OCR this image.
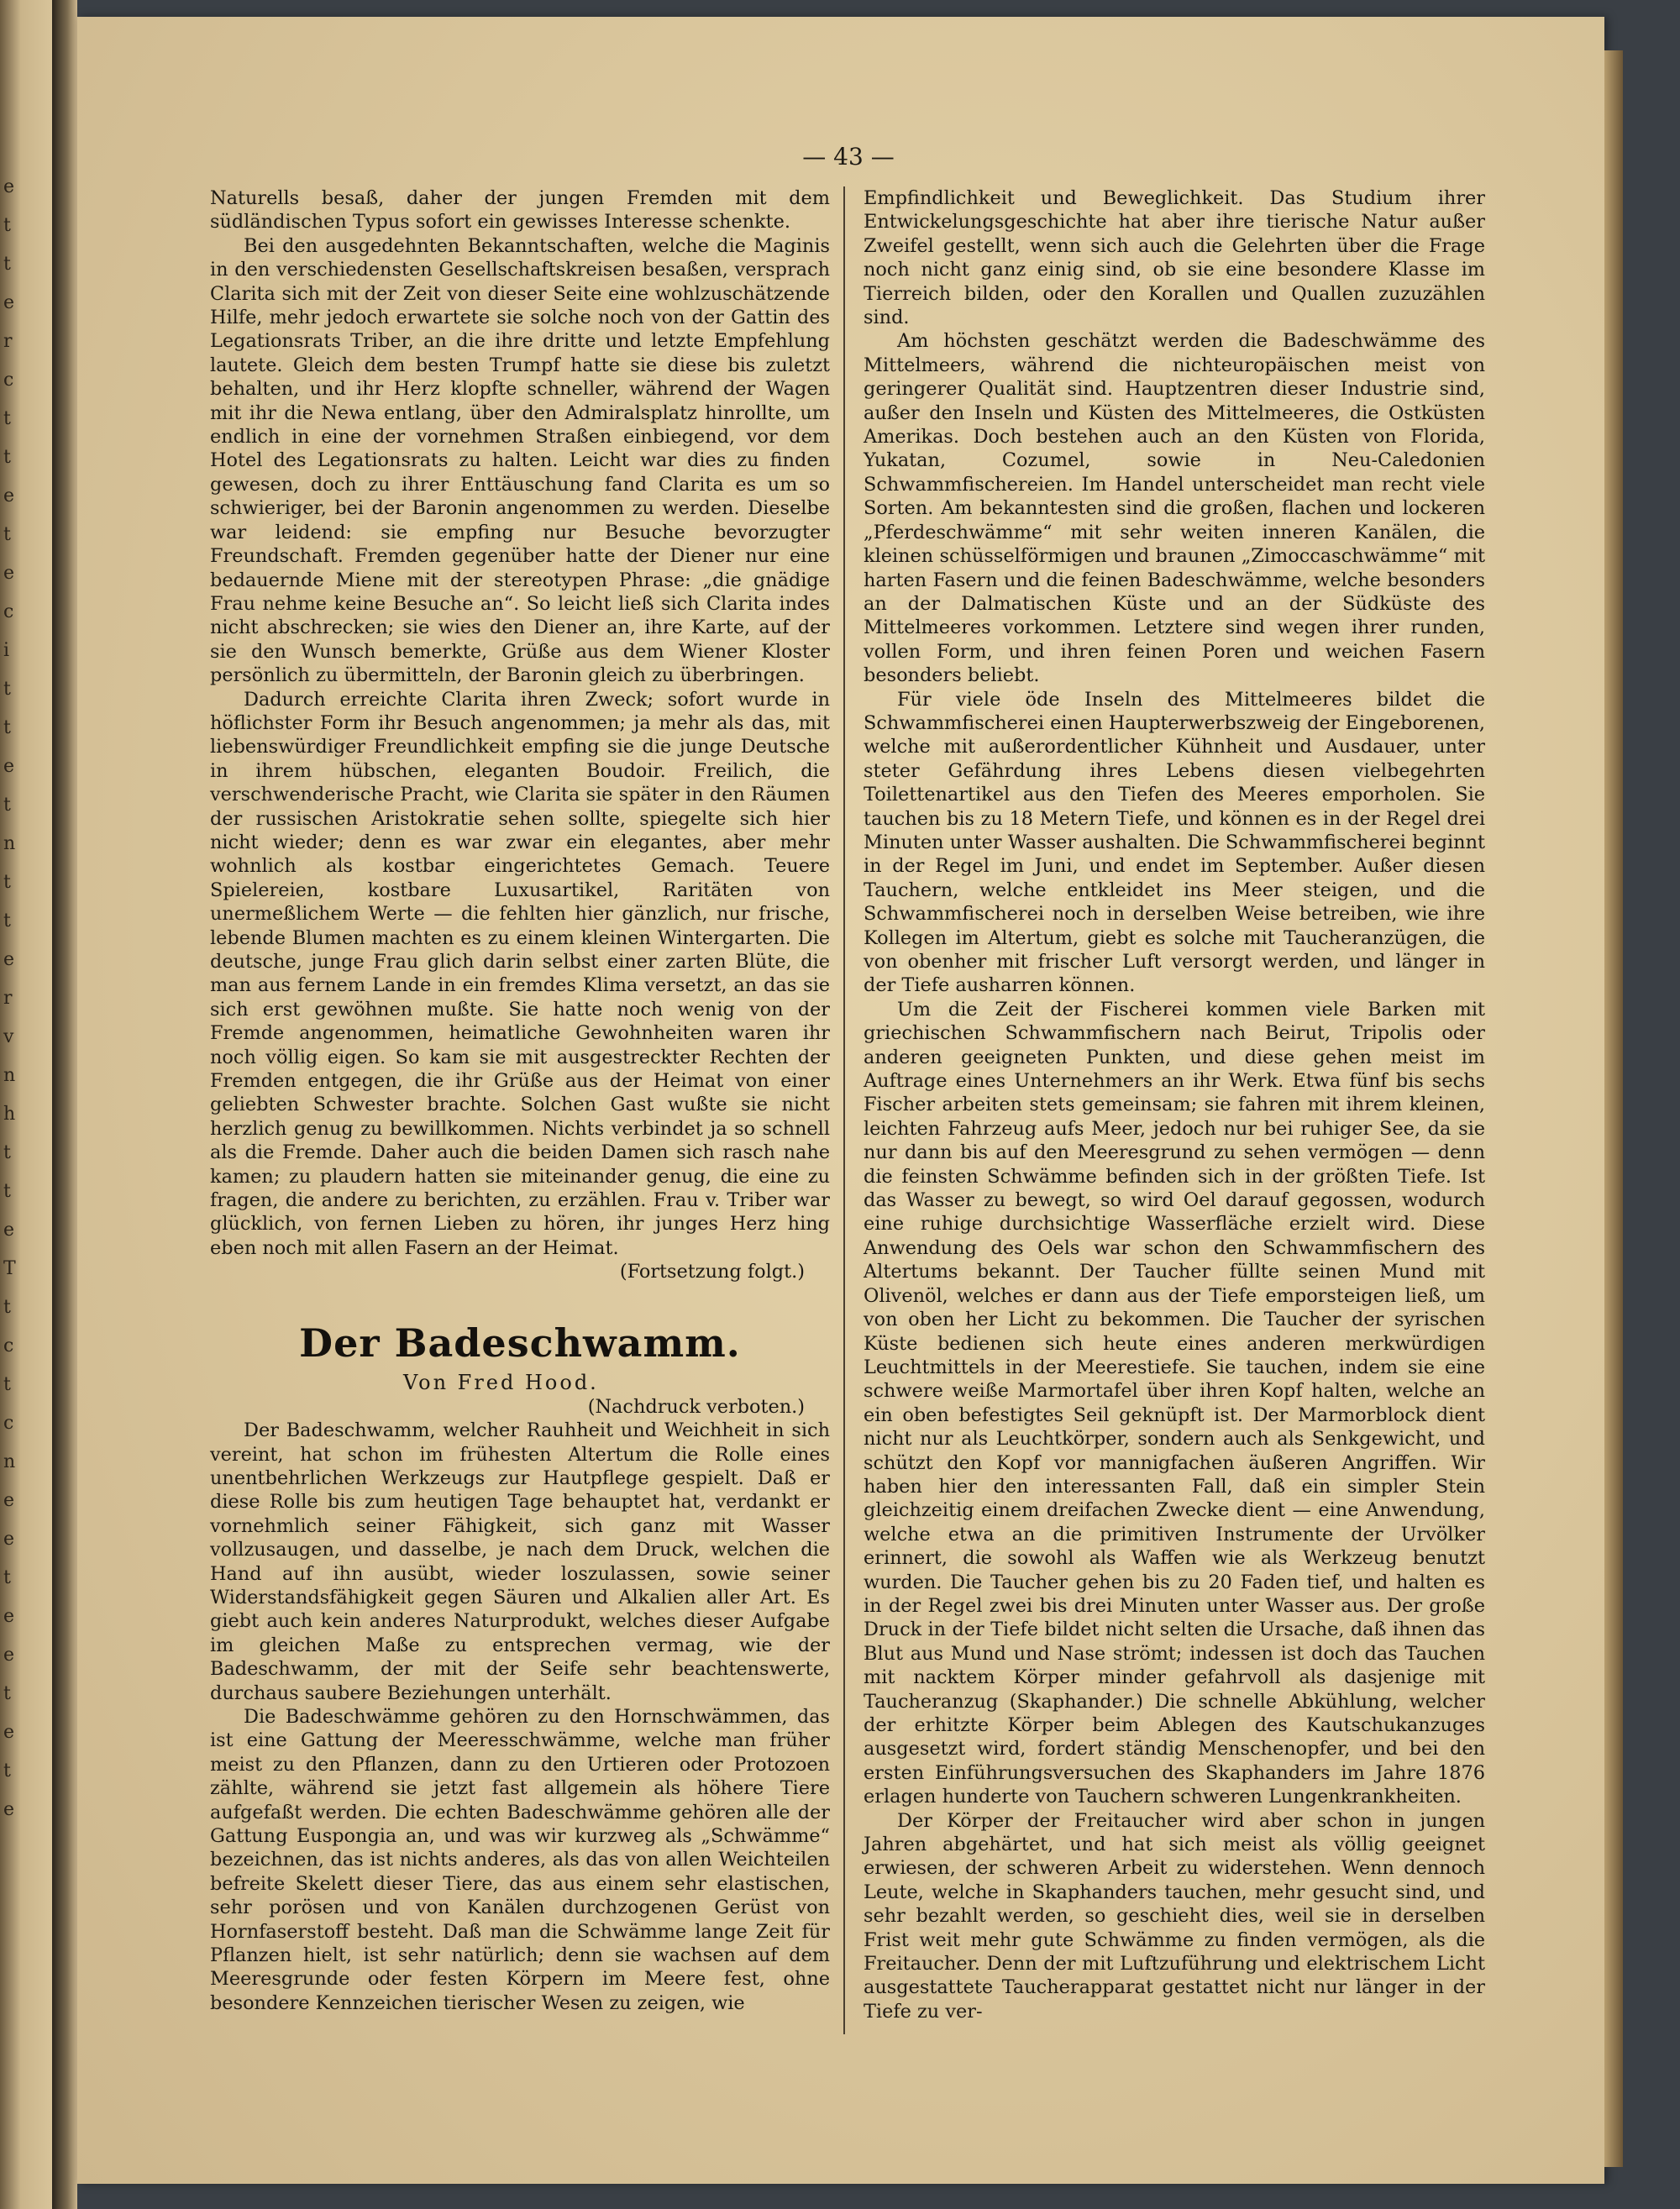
e
t
t
e
r
c
t
t
e
t
e
c
i
t
t
e
t
n
t
t
e
r
v
n
h
t
t
e
T
t
c
t
c
n
e
e
t
e
e
t
e
t
e
— 43 —

Naturells besaß, daher der jungen Fremden mit dem südländischen Typus sofort ein gewisses Interesse schenkte.

Bei den ausgedehnten Bekanntschaften, welche die Maginis in den verschiedensten Gesellschaftskreisen besaßen, versprach Clarita sich mit der Zeit von dieser Seite eine wohlzuschätzende Hilfe, mehr jedoch erwartete sie solche noch von der Gattin des Legationsrats Triber, an die ihre dritte und letzte Empfehlung lautete. Gleich dem besten Trumpf hatte sie diese bis zuletzt behalten, und ihr Herz klopfte schneller, während der Wagen mit ihr die Newa entlang, über den Admiralsplatz hinrollte, um endlich in eine der vornehmen Straßen einbiegend, vor dem Hotel des Legationsrats zu halten. Leicht war dies zu finden gewesen, doch zu ihrer Enttäuschung fand Clarita es um so schwieriger, bei der Baronin angenommen zu werden. Dieselbe war leidend: sie empfing nur Besuche bevorzugter Freundschaft. Fremden gegenüber hatte der Diener nur eine bedauernde Miene mit der stereotypen Phrase: „die gnädige Frau nehme keine Besuche an“. So leicht ließ sich Clarita indes nicht abschrecken; sie wies den Diener an, ihre Karte, auf der sie den Wunsch bemerkte, Grüße aus dem Wiener Kloster persönlich zu übermitteln, der Baronin gleich zu überbringen.

Dadurch erreichte Clarita ihren Zweck; sofort wurde in höflichster Form ihr Besuch angenommen; ja mehr als das, mit liebenswürdiger Freundlichkeit empfing sie die junge Deutsche in ihrem hübschen, eleganten Boudoir. Freilich, die verschwenderische Pracht, wie Clarita sie später in den Räumen der russischen Aristokratie sehen sollte, spiegelte sich hier nicht wieder; denn es war zwar ein elegantes, aber mehr wohnlich als kostbar eingerichtetes Gemach. Teuere Spielereien, kostbare Luxusartikel, Raritäten von unermeßlichem Werte — die fehlten hier gänzlich, nur frische, lebende Blumen machten es zu einem kleinen Wintergarten. Die deutsche, junge Frau glich darin selbst einer zarten Blüte, die man aus fernem Lande in ein fremdes Klima versetzt, an das sie sich erst gewöhnen mußte. Sie hatte noch wenig von der Fremde angenommen, heimatliche Gewohnheiten waren ihr noch völlig eigen. So kam sie mit ausgestreckter Rechten der Fremden entgegen, die ihr Grüße aus der Heimat von einer geliebten Schwester brachte. Solchen Gast wußte sie nicht herzlich genug zu bewillkommen. Nichts verbindet ja so schnell als die Fremde. Daher auch die beiden Damen sich rasch nahe kamen; zu plaudern hatten sie miteinander genug, die eine zu fragen, die andere zu berichten, zu erzählen. Frau v. Triber war glücklich, von fernen Lieben zu hören, ihr junges Herz hing eben noch mit allen Fasern an der Heimat.

(Fortsetzung folgt.)

Der Badeschwamm.

Von Fred Hood.

(Nachdruck verboten.)

Der Badeschwamm, welcher Rauhheit und Weichheit in sich vereint, hat schon im frühesten Altertum die Rolle eines unentbehrlichen Werkzeugs zur Hautpflege gespielt. Daß er diese Rolle bis zum heutigen Tage behauptet hat, verdankt er vornehmlich seiner Fähigkeit, sich ganz mit Wasser vollzusaugen, und dasselbe, je nach dem Druck, welchen die Hand auf ihn ausübt, wieder loszulassen, sowie seiner Widerstandsfähigkeit gegen Säuren und Alkalien aller Art. Es giebt auch kein anderes Naturprodukt, welches dieser Aufgabe im gleichen Maße zu entsprechen vermag, wie der Badeschwamm, der mit der Seife sehr beachtenswerte, durchaus saubere Beziehungen unterhält.

Die Badeschwämme gehören zu den Hornschwämmen, das ist eine Gattung der Meeresschwämme, welche man früher meist zu den Pflanzen, dann zu den Urtieren oder Protozoen zählte, während sie jetzt fast allgemein als höhere Tiere aufgefaßt werden. Die echten Badeschwämme gehören alle der Gattung Euspongia an, und was wir kurzweg als „Schwämme“ bezeichnen, das ist nichts anderes, als das von allen Weichteilen befreite Skelett dieser Tiere, das aus einem sehr elastischen, sehr porösen und von Kanälen durchzogenen Gerüst von Hornfaserstoff besteht. Daß man die Schwämme lange Zeit für Pflanzen hielt, ist sehr natürlich; denn sie wachsen auf dem Meeresgrunde oder festen Körpern im Meere fest, ohne besondere Kennzeichen tierischer Wesen zu zeigen, wie

Empfindlichkeit und Beweglichkeit. Das Studium ihrer Entwickelungsgeschichte hat aber ihre tierische Natur außer Zweifel gestellt, wenn sich auch die Gelehrten über die Frage noch nicht ganz einig sind, ob sie eine besondere Klasse im Tierreich bilden, oder den Korallen und Quallen zuzuzählen sind.

Am höchsten geschätzt werden die Badeschwämme des Mittelmeers, während die nichteuropäischen meist von geringerer Qualität sind. Hauptzentren dieser Industrie sind, außer den Inseln und Küsten des Mittelmeeres, die Ostküsten Amerikas. Doch bestehen auch an den Küsten von Florida, Yukatan, Cozumel, sowie in Neu-Caledonien Schwammfischereien. Im Handel unterscheidet man recht viele Sorten. Am bekanntesten sind die großen, flachen und lockeren „Pferdeschwämme“ mit sehr weiten inneren Kanälen, die kleinen schüsselförmigen und braunen „Zimoccaschwämme“ mit harten Fasern und die feinen Badeschwämme, welche besonders an der Dalmatischen Küste und an der Südküste des Mittelmeeres vorkommen. Letztere sind wegen ihrer runden, vollen Form, und ihren feinen Poren und weichen Fasern besonders beliebt.

Für viele öde Inseln des Mittelmeeres bildet die Schwammfischerei einen Haupterwerbszweig der Eingeborenen, welche mit außerordentlicher Kühnheit und Ausdauer, unter steter Gefährdung ihres Lebens diesen vielbegehrten Toilettenartikel aus den Tiefen des Meeres emporholen. Sie tauchen bis zu 18 Metern Tiefe, und können es in der Regel drei Minuten unter Wasser aushalten. Die Schwammfischerei beginnt in der Regel im Juni, und endet im September. Außer diesen Tauchern, welche entkleidet ins Meer steigen, und die Schwammfischerei noch in derselben Weise betreiben, wie ihre Kollegen im Altertum, giebt es solche mit Taucheranzügen, die von obenher mit frischer Luft versorgt werden, und länger in der Tiefe ausharren können.

Um die Zeit der Fischerei kommen viele Barken mit griechischen Schwammfischern nach Beirut, Tripolis oder anderen geeigneten Punkten, und diese gehen meist im Auftrage eines Unternehmers an ihr Werk. Etwa fünf bis sechs Fischer arbeiten stets gemeinsam; sie fahren mit ihrem kleinen, leichten Fahrzeug aufs Meer, jedoch nur bei ruhiger See, da sie nur dann bis auf den Meeresgrund zu sehen vermögen — denn die feinsten Schwämme befinden sich in der größten Tiefe. Ist das Wasser zu bewegt, so wird Oel darauf gegossen, wodurch eine ruhige durchsichtige Wasserfläche erzielt wird. Diese Anwendung des Oels war schon den Schwammfischern des Altertums bekannt. Der Taucher füllte seinen Mund mit Olivenöl, welches er dann aus der Tiefe emporsteigen ließ, um von oben her Licht zu bekommen. Die Taucher der syrischen Küste bedienen sich heute eines anderen merkwürdigen Leuchtmittels in der Meerestiefe. Sie tauchen, indem sie eine schwere weiße Marmortafel über ihren Kopf halten, welche an ein oben befestigtes Seil geknüpft ist. Der Marmorblock dient nicht nur als Leuchtkörper, sondern auch als Senkgewicht, und schützt den Kopf vor mannigfachen äußeren Angriffen. Wir haben hier den interessanten Fall, daß ein simpler Stein gleichzeitig einem dreifachen Zwecke dient — eine Anwendung, welche etwa an die primitiven Instrumente der Urvölker erinnert, die sowohl als Waffen wie als Werkzeug benutzt wurden. Die Taucher gehen bis zu 20 Faden tief, und halten es in der Regel zwei bis drei Minuten unter Wasser aus. Der große Druck in der Tiefe bildet nicht selten die Ursache, daß ihnen das Blut aus Mund und Nase strömt; indessen ist doch das Tauchen mit nacktem Körper minder gefahrvoll als dasjenige mit Taucheranzug (Skaphander.) Die schnelle Abkühlung, welcher der erhitzte Körper beim Ablegen des Kautschukanzuges ausgesetzt wird, fordert ständig Menschenopfer, und bei den ersten Einführungsversuchen des Skaphanders im Jahre 1876 erlagen hunderte von Tauchern schweren Lungenkrankheiten.

Der Körper der Freitaucher wird aber schon in jungen Jahren abgehärtet, und hat sich meist als völlig geeignet erwiesen, der schweren Arbeit zu widerstehen. Wenn dennoch Leute, welche in Skaphanders tauchen, mehr gesucht sind, und sehr bezahlt werden, so geschieht dies, weil sie in derselben Frist weit mehr gute Schwämme zu finden vermögen, als die Freitaucher. Denn der mit Luftzuführung und elektrischem Licht ausgestattete Taucherapparat gestattet nicht nur länger in der Tiefe zu ver-
